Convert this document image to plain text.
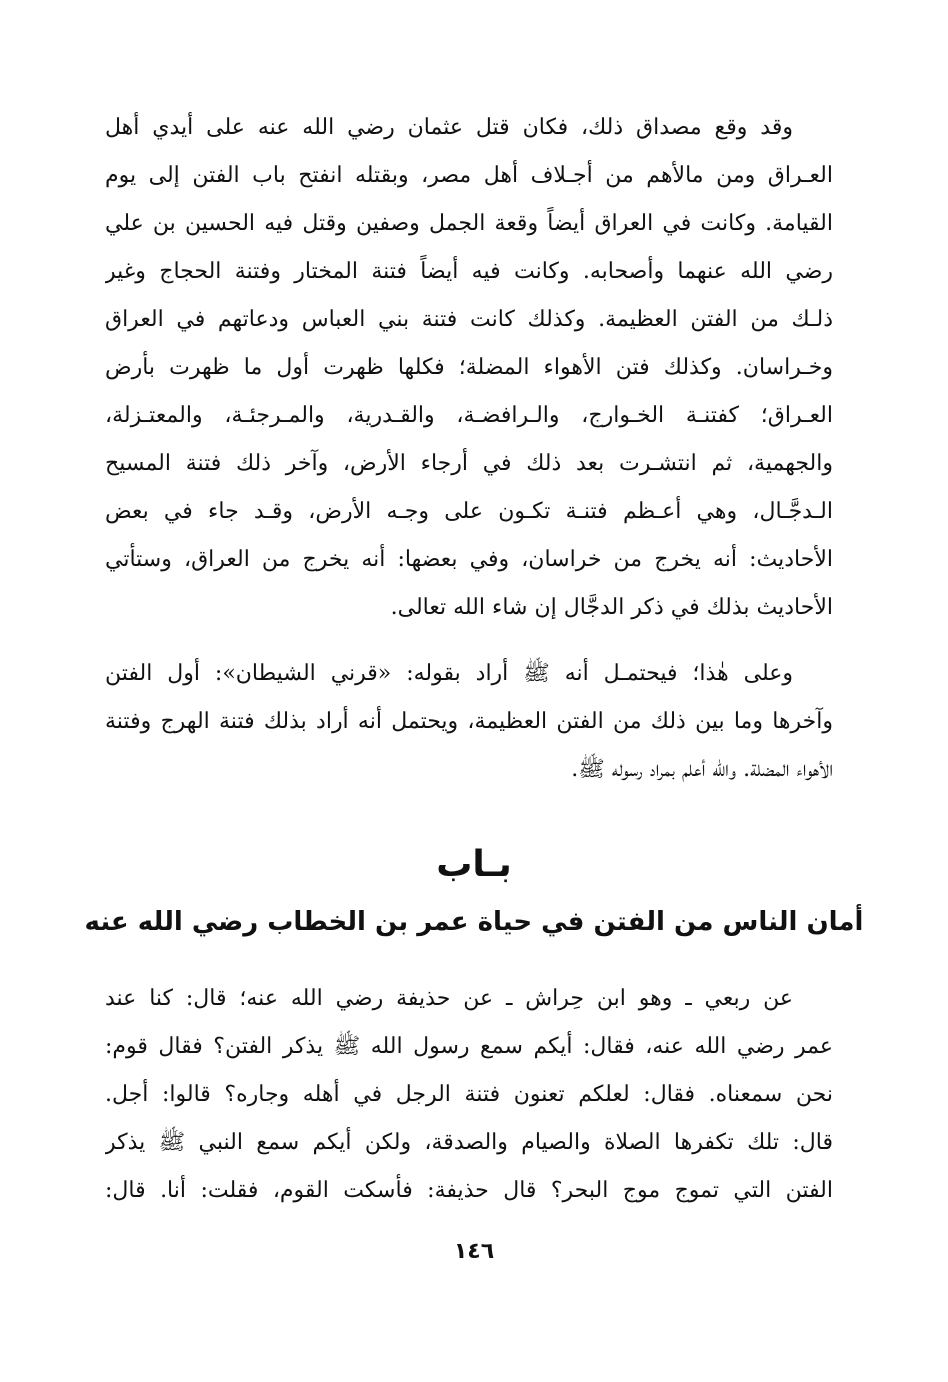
وقد وقع مصداق ذلك، فكان قتل عثمان رضي الله عنه على أيدي أهل
العـراق ومن مالأهم من أجـلاف أهل مصر، وبقتله انفتح باب الفتن إلى يوم
القيامة. وكانت في العراق أيضاً وقعة الجمل وصفين وقتل فيه الحسين بن علي
رضي الله عنهما وأصحابه. وكانت فيه أيضاً فتنة المختار وفتنة الحجاج وغير
ذلـك من الفتن العظيمة. وكذلك كانت فتنة بني العباس ودعاتهم في العراق
وخـراسان. وكذلك فتن الأهواء المضلة؛ فكلها ظهرت أول ما ظهرت بأرض
العـراق؛ كفتنـة الخـوارج، والـرافضـة، والقـدرية، والمـرجئـة، والمعتـزلة،
والجهمية، ثم انتشـرت بعد ذلك في أرجاء الأرض، وآخر ذلك فتنة المسيح
الـدجَّـال، وهي أعـظم فتنـة تكـون على وجـه الأرض، وقـد جاء في بعض
الأحاديث: أنه يخرج من خراسان، وفي بعضها: أنه يخرج من العراق، وستأتي
الأحاديث بذلك في ذكر الدجَّال إن شاء الله تعالى.
وعلى هٰذا؛ فيحتمـل أنه ﷺ أراد بقوله: «قرني الشيطان»: أول الفتن
وآخرها وما بين ذلك من الفتن العظيمة، ويحتمل أنه أراد بذلك فتنة الهرج وفتنة
الأهواء المضلة. والله أعلم بمراد رسوله ﷺ.
بـاب
أمان الناس من الفتن في حياة عمر بن الخطاب رضي الله عنه
عن ربعي ـ وهو ابن حِراش ـ عن حذيفة رضي الله عنه؛ قال: كنا عند
عمر رضي الله عنه، فقال: أيكم سمع رسول الله ﷺ يذكر الفتن؟ فقال قوم:
نحن سمعناه. فقال: لعلكم تعنون فتنة الرجل في أهله وجاره؟ قالوا: أجل.
قال: تلك تكفرها الصلاة والصيام والصدقة، ولكن أيكم سمع النبي ﷺ يذكر
الفتن التي تموج موج البحر؟ قال حذيفة: فأسكت القوم، فقلت: أنا. قال:
١٤٦
